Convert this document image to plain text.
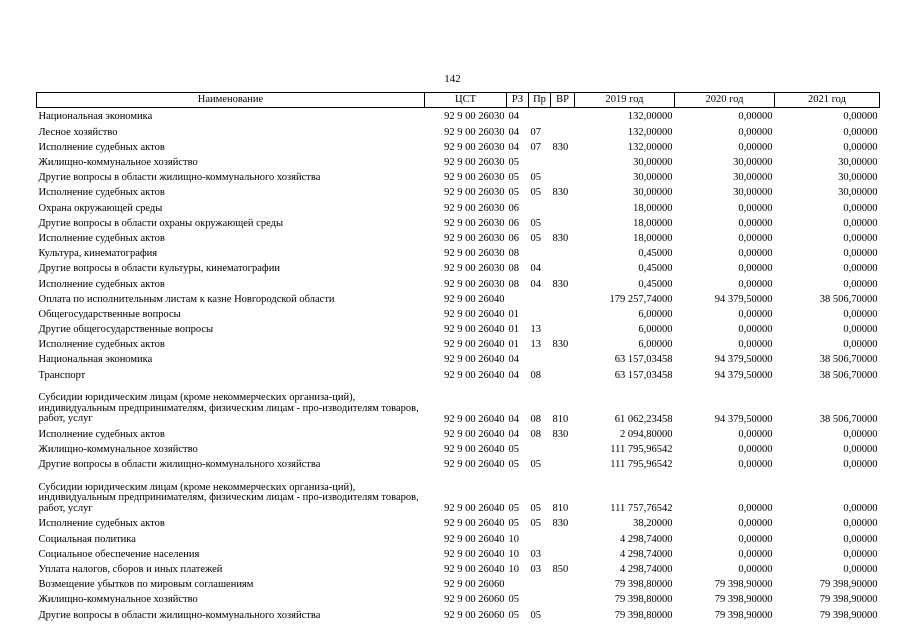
142
Наименование	ЦСТ	РЗ	Пр	ВР	2019 год	2020 год	2021 год
Национальная экономика	92 9 00 26030	04			132,00000	0,00000	0,00000
Лесное хозяйство	92 9 00 26030	04	07		132,00000	0,00000	0,00000
Исполнение судебных актов	92 9 00 26030	04	07	830	132,00000	0,00000	0,00000
Жилищно-коммунальное хозяйство	92 9 00 26030	05			30,00000	30,00000	30,00000
Другие вопросы в области жилищно-коммунального хозяйства	92 9 00 26030	05	05		30,00000	30,00000	30,00000
Исполнение судебных актов	92 9 00 26030	05	05	830	30,00000	30,00000	30,00000
Охрана окружающей среды	92 9 00 26030	06			18,00000	0,00000	0,00000
Другие вопросы в области охраны окружающей среды	92 9 00 26030	06	05		18,00000	0,00000	0,00000
Исполнение судебных актов	92 9 00 26030	06	05	830	18,00000	0,00000	0,00000
Культура, кинематография	92 9 00 26030	08			0,45000	0,00000	0,00000
Другие вопросы в области культуры, кинематографии	92 9 00 26030	08	04		0,45000	0,00000	0,00000
Исполнение судебных актов	92 9 00 26030	08	04	830	0,45000	0,00000	0,00000
Оплата по исполнительным листам к казне Новгородской области	92 9 00 26040				179 257,74000	94 379,50000	38 506,70000
Общегосударственные вопросы	92 9 00 26040	01			6,00000	0,00000	0,00000
Другие общегосударственные вопросы	92 9 00 26040	01	13		6,00000	0,00000	0,00000
Исполнение судебных актов	92 9 00 26040	01	13	830	6,00000	0,00000	0,00000
Национальная экономика	92 9 00 26040	04			63 157,03458	94 379,50000	38 506,70000
Транспорт	92 9 00 26040	04	08		63 157,03458	94 379,50000	38 506,70000
Субсидии юридическим лицам (кроме некоммерческих организа-ций), индивидуальным предпринимателям, физическим лицам - про-изводителям товаров, работ, услуг	92 9 00 26040	04	08	810	61 062,23458	94 379,50000	38 506,70000
Исполнение судебных актов	92 9 00 26040	04	08	830	2 094,80000	0,00000	0,00000
Жилищно-коммунальное хозяйство	92 9 00 26040	05			111 795,96542	0,00000	0,00000
Другие вопросы в области жилищно-коммунального хозяйства	92 9 00 26040	05	05		111 795,96542	0,00000	0,00000
Субсидии юридическим лицам (кроме некоммерческих организа-ций), индивидуальным предпринимателям, физическим лицам - про-изводителям товаров, работ, услуг	92 9 00 26040	05	05	810	111 757,76542	0,00000	0,00000
Исполнение судебных актов	92 9 00 26040	05	05	830	38,20000	0,00000	0,00000
Социальная политика	92 9 00 26040	10			4 298,74000	0,00000	0,00000
Социальное обеспечение населения	92 9 00 26040	10	03		4 298,74000	0,00000	0,00000
Уплата налогов, сборов и иных платежей	92 9 00 26040	10	03	850	4 298,74000	0,00000	0,00000
Возмещение убытков по мировым соглашениям	92 9 00 26060				79 398,80000	79 398,90000	79 398,90000
Жилищно-коммунальное хозяйство	92 9 00 26060	05			79 398,80000	79 398,90000	79 398,90000
Другие вопросы в области жилищно-коммунального хозяйства	92 9 00 26060	05	05		79 398,80000	79 398,90000	79 398,90000
